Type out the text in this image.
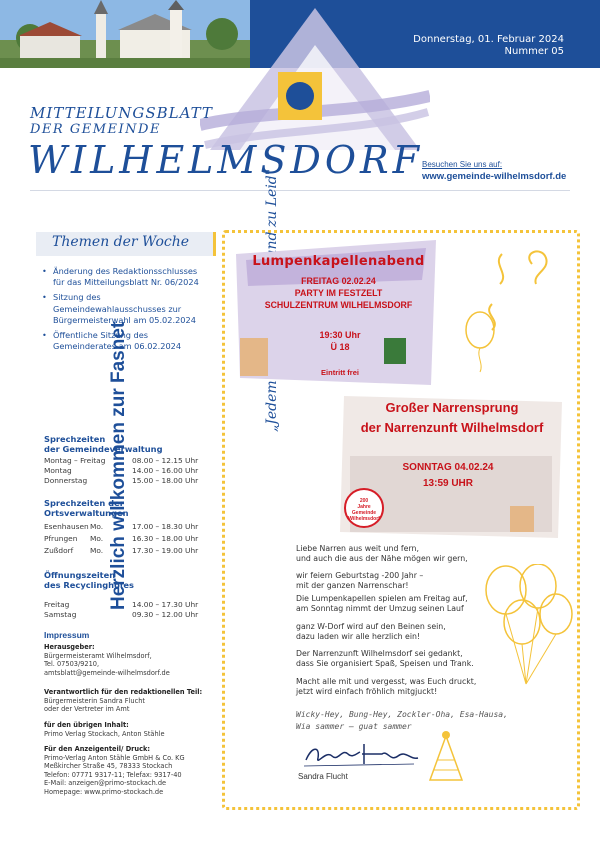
Donnerstag, 01. Februar 2024
Nummer 05
MITTEILUNGSBLATT
DER GEMEINDE
WILHELMSDORF Besuchen Sie uns auf:
www.gemeinde-wilhelmsdorf.de
Themen der Woche
• Änderung des Redaktionsschlusses für das Mitteilungsblatt Nr. 06/2024
• Sitzung des Gemeindewahlausschusses zur Bürgermeisterwahl am 05.02.2024
• Öffentliche Sitzung des Gemeinderates am 06.02.2024
Sprechzeiten
der Gemeindeverwaltung
Montag – Freitag	08.00 – 12.15 Uhr
Montag	14.00 – 16.00 Uhr
Donnerstag	15.00 – 18.00 Uhr
Sprechzeiten der
Ortsverwaltungen
Esenhausen Mo.	17.00 – 18.30 Uhr
Pfrungen Mo.	16.30 – 18.00 Uhr
Zußdorf Mo.	17.30 – 19.00 Uhr
Öffnungszeiten
des Recyclinghofes
Freitag	14.00 – 17.30 Uhr
Samstag	09.30 – 12.00 Uhr
Impressum
Herausgeber:
Bürgermeisteramt Wilhelmsdorf,
Tel. 07503/9210,
amtsblatt@gemeinde-wilhelmsdorf.de
Verantwortlich für den redaktionellen Teil:
Bürgermeisterin Sandra Flucht
oder der Vertreter im Amt
für den übrigen Inhalt:
Primo Verlag Stockach, Anton Stähle
Für den Anzeigenteil/ Druck:
Primo-Verlag Anton Stähle GmbH & Co. KG
Meßkircher Straße 45, 78333 Stockach
Telefon: 07771 9317-11; Telefax: 9317-40
E-Mail: anzeigen@primo-stockach.de
Homepage: www.primo-stockach.de
Herzlich willkommen zur Fasnet
Lumpenkapellenabend
FREITAG 02.02.24
PARTY IM FESTZELT
SCHULZENTRUM WILHELMSDORF
19:30 Uhr
Ü 18
Eintritt frei
Großer Narrensprung
der Narrenzunft Wilhelmsdorf
SONNTAG 04.02.24
13:59 UHR
200
Jahre
Gemeinde
Wilhelmsdorf
Liebe Narren aus weit und fern,
und auch die aus der Nähe mögen wir gern,
wir feiern Geburtstag -200 Jahr –
mit der ganzen Narrenschar!
Die Lumpenkapellen spielen am Freitag auf,
am Sonntag nimmt der Umzug seinen Lauf
ganz W-Dorf wird auf den Beinen sein,
dazu laden wir alle herzlich ein!
Der Narrenzunft Wilhelmsdorf sei gedankt,
dass Sie organisiert Spaß, Speisen und Trank.
Macht alle mit und vergesst, was Euch druckt,
jetzt wird einfach fröhlich mitgjuckt!
Wicky-Hey, Bung-Hey, Zockler-Oha, Esa-Hausa,
Wia sammer – guat sammer
Sandra Flucht
